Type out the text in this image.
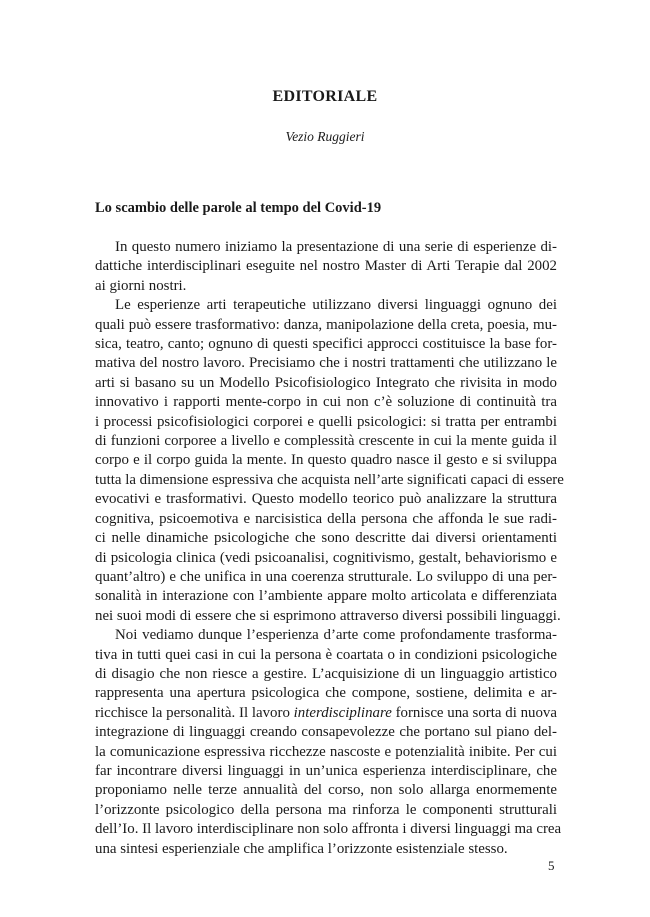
EDITORIALE
Vezio Ruggieri
Lo scambio delle parole al tempo del Covid-19
In questo numero iniziamo la presentazione di una serie di esperienze di-
dattiche interdisciplinari eseguite nel nostro Master di Arti Terapie dal 2002
ai giorni nostri.
Le esperienze arti terapeutiche utilizzano diversi linguaggi ognuno dei
quali può essere trasformativo: danza, manipolazione della creta, poesia, mu-
sica, teatro, canto; ognuno di questi specifici approcci costituisce la base for-
mativa del nostro lavoro. Precisiamo che i nostri trattamenti che utilizzano le
arti si basano su un Modello Psicofisiologico Integrato che rivisita in modo
innovativo i rapporti mente-corpo in cui non c’è soluzione di continuità tra
i processi psicofisiologici corporei e quelli psicologici: si tratta per entrambi
di funzioni corporee a livello e complessità crescente in cui la mente guida il
corpo e il corpo guida la mente. In questo quadro nasce il gesto e si sviluppa
tutta la dimensione espressiva che acquista nell’arte significati capaci di essere
evocativi e trasformativi. Questo modello teorico può analizzare la struttura
cognitiva, psicoemotiva e narcisistica della persona che affonda le sue radi-
ci nelle dinamiche psicologiche che sono descritte dai diversi orientamenti
di psicologia clinica (vedi psicoanalisi, cognitivismo, gestalt, behaviorismo e
quant’altro) e che unifica in una coerenza strutturale. Lo sviluppo di una per-
sonalità in interazione con l’ambiente appare molto articolata e differenziata
nei suoi modi di essere che si esprimono attraverso diversi possibili linguaggi.
Noi vediamo dunque l’esperienza d’arte come profondamente trasforma-
tiva in tutti quei casi in cui la persona è coartata o in condizioni psicologiche
di disagio che non riesce a gestire. L’acquisizione di un linguaggio artistico
rappresenta una apertura psicologica che compone, sostiene, delimita e ar-
ricchisce la personalità. Il lavoro interdisciplinare fornisce una sorta di nuova
integrazione di linguaggi creando consapevolezze che portano sul piano del-
la comunicazione espressiva ricchezze nascoste e potenzialità inibite. Per cui
far incontrare diversi linguaggi in un’unica esperienza interdisciplinare, che
proponiamo nelle terze annualità del corso, non solo allarga enormemente
l’orizzonte psicologico della persona ma rinforza le componenti strutturali
dell’Io. Il lavoro interdisciplinare non solo affronta i diversi linguaggi ma crea
una sintesi esperienziale che amplifica l’orizzonte esistenziale stesso.
5
